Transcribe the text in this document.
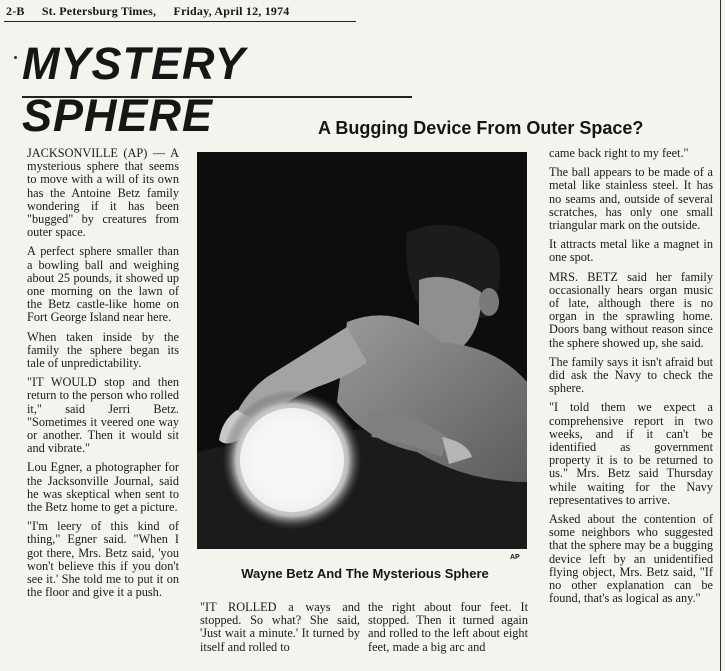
2-B St. Petersburg Times, Friday, April 12, 1974
MYSTERY SPHERE	A Bugging Device From Outer Space?

JACKSONVILLE (AP) — A mysterious sphere that seems to move with a will of its own has the Antoine Betz family wondering if it has been "bugged" by creatures from outer space.

A perfect sphere smaller than a bowling ball and weighing about 25 pounds, it showed up one morning on the lawn of the Betz castle-like home on Fort George Island near here.

When taken inside by the family the sphere began its tale of unpredictability.

"IT WOULD stop and then return to the person who rolled it," said Jerri Betz. "Sometimes it veered one way or another. Then it would sit and vibrate."

Lou Egner, a photographer for the Jacksonville Journal, said he was skeptical when sent to the Betz home to get a picture.

"I'm leery of this kind of thing," Egner said. "When I got there, Mrs. Betz said, 'you won't believe this if you don't see it.' She told me to put it on the floor and give it a push.

AP
Wayne Betz And The Mysterious Sphere

"IT ROLLED a ways and stopped. So what? She said, 'Just wait a minute.' It turned by itself and rolled to

the right about four feet. It stopped. Then it turned again and rolled to the left about eight feet, made a big arc and

came back right to my feet."

The ball appears to be made of a metal like stainless steel. It has no seams and, outside of several scratches, has only one small triangular mark on the outside.

It attracts metal like a magnet in one spot.

MRS. BETZ said her family occasionally hears organ music of late, although there is no organ in the sprawling home. Doors bang without reason since the sphere showed up, she said.

The family says it isn't afraid but did ask the Navy to check the sphere.

"I told them we expect a comprehensive report in two weeks, and if it can't be identified as government property it is to be returned to us." Mrs. Betz said Thursday while waiting for the Navy representatives to arrive.

Asked about the contention of some neighbors who suggested that the sphere may be a bugging device left by an unidentified flying object, Mrs. Betz said, "If no other explanation can be found, that's as logical as any."
